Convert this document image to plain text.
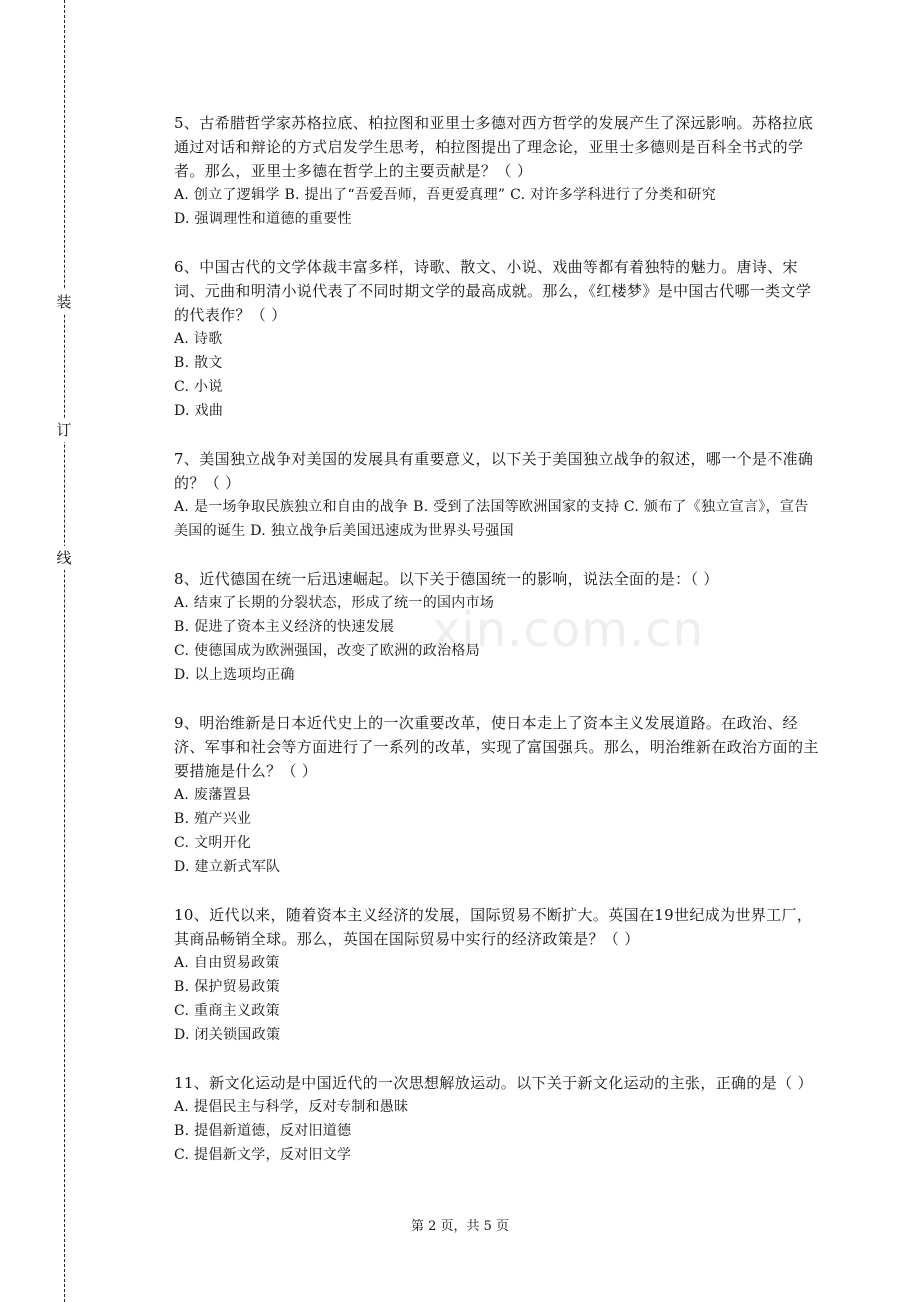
装
订
线
xin.com.cn

5、古希腊哲学家苏格拉底、柏拉图和亚里士多德对西方哲学的发展产生了深远影响。苏格拉底通过对话和辩论的方式启发学生思考，柏拉图提出了理念论，亚里士多德则是百科全书式的学者。那么，亚里士多德在哲学上的主要贡献是？（ ）

A. 创立了逻辑学 B. 提出了“吾爱吾师，吾更爱真理” C. 对许多学科进行了分类和研究

D. 强调理性和道德的重要性

6、中国古代的文学体裁丰富多样，诗歌、散文、小说、戏曲等都有着独特的魅力。唐诗、宋词、元曲和明清小说代表了不同时期文学的最高成就。那么，《红楼梦》是中国古代哪一类文学的代表作？（ ）

A. 诗歌

B. 散文

C. 小说

D. 戏曲

7、美国独立战争对美国的发展具有重要意义，以下关于美国独立战争的叙述，哪一个是不准确的？（ ）

A. 是一场争取民族独立和自由的战争 B. 受到了法国等欧洲国家的支持 C. 颁布了《独立宣言》，宣告美国的诞生 D. 独立战争后美国迅速成为世界头号强国

8、近代德国在统一后迅速崛起。以下关于德国统一的影响，说法全面的是：（ ）

A. 结束了长期的分裂状态，形成了统一的国内市场

B. 促进了资本主义经济的快速发展

C. 使德国成为欧洲强国，改变了欧洲的政治格局

D. 以上选项均正确

9、明治维新是日本近代史上的一次重要改革，使日本走上了资本主义发展道路。在政治、经济、军事和社会等方面进行了一系列的改革，实现了富国强兵。那么，明治维新在政治方面的主要措施是什么？（ ）

A. 废藩置县

B. 殖产兴业

C. 文明开化

D. 建立新式军队

10、近代以来，随着资本主义经济的发展，国际贸易不断扩大。英国在19世纪成为世界工厂，其商品畅销全球。那么，英国在国际贸易中实行的经济政策是？（ ）

A. 自由贸易政策

B. 保护贸易政策

C. 重商主义政策

D. 闭关锁国政策

11、新文化运动是中国近代的一次思想解放运动。以下关于新文化运动的主张，正确的是（ ）

A. 提倡民主与科学，反对专制和愚昧

B. 提倡新道德，反对旧道德

C. 提倡新文学，反对旧文学

第 2 页，共 5 页
